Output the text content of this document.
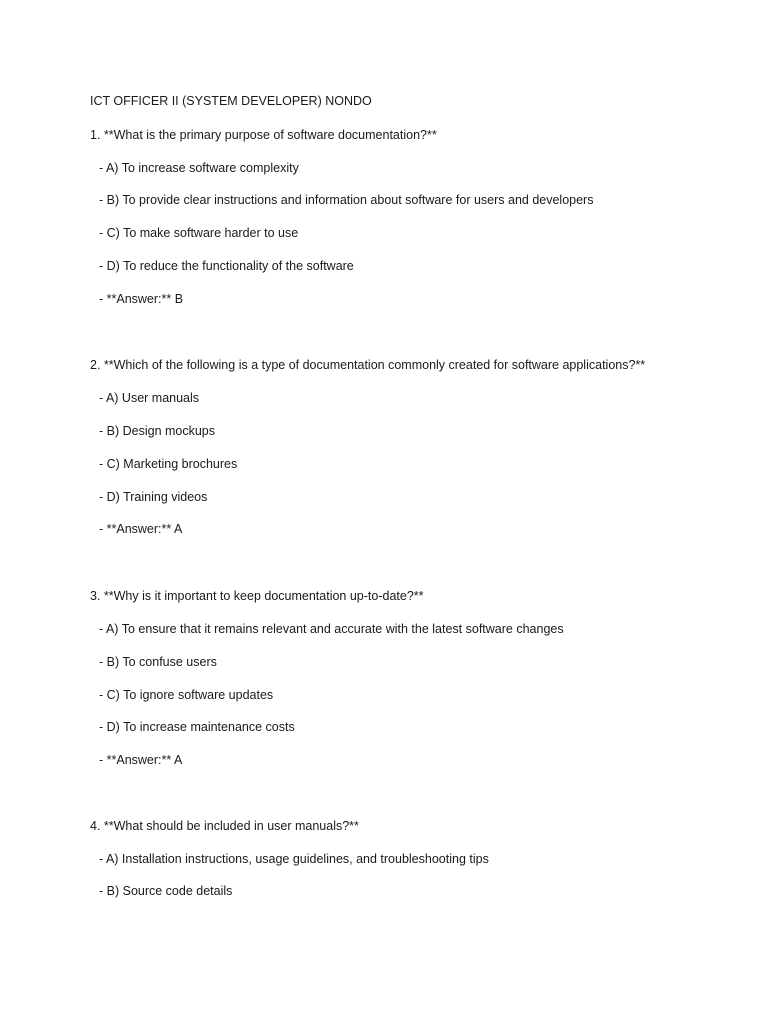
ICT OFFICER II (SYSTEM DEVELOPER) NONDO
1. **What is the primary purpose of software documentation?**
- A) To increase software complexity
- B) To provide clear instructions and information about software for users and developers
- C) To make software harder to use
- D) To reduce the functionality of the software
- **Answer:** B
2. **Which of the following is a type of documentation commonly created for software applications?**
- A) User manuals
- B) Design mockups
- C) Marketing brochures
- D) Training videos
- **Answer:** A
3. **Why is it important to keep documentation up-to-date?**
- A) To ensure that it remains relevant and accurate with the latest software changes
- B) To confuse users
- C) To ignore software updates
- D) To increase maintenance costs
- **Answer:** A
4. **What should be included in user manuals?**
- A) Installation instructions, usage guidelines, and troubleshooting tips
- B) Source code details
